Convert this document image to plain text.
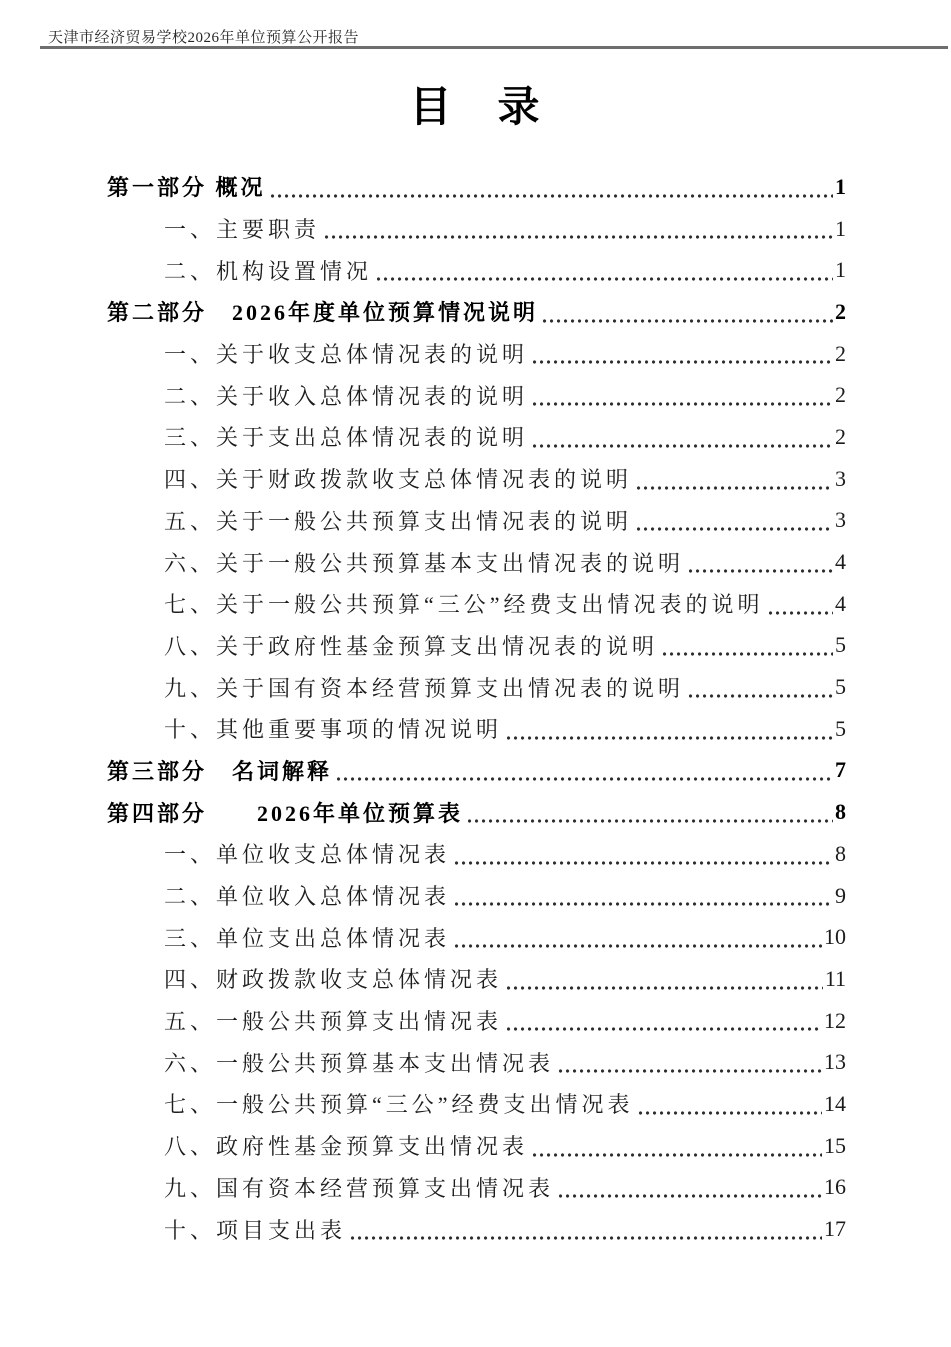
天津市经济贸易学校2026年单位预算公开报告
目　录
第一部分 概况	1
一、主要职责	1
二、机构设置情况	1
第二部分　2026年度单位预算情况说明	2
一、关于收支总体情况表的说明	2
二、关于收入总体情况表的说明	2
三、关于支出总体情况表的说明	2
四、关于财政拨款收支总体情况表的说明	3
五、关于一般公共预算支出情况表的说明	3
六、关于一般公共预算基本支出情况表的说明	4
七、关于一般公共预算“三公”经费支出情况表的说明	4
八、关于政府性基金预算支出情况表的说明	5
九、关于国有资本经营预算支出情况表的说明	5
十、其他重要事项的情况说明	5
第三部分　名词解释	7
第四部分　　2026年单位预算表	8
一、单位收支总体情况表	8
二、单位收入总体情况表	9
三、单位支出总体情况表	10
四、财政拨款收支总体情况表	11
五、一般公共预算支出情况表	12
六、一般公共预算基本支出情况表	13
七、一般公共预算“三公”经费支出情况表	14
八、政府性基金预算支出情况表	15
九、国有资本经营预算支出情况表	16
十、项目支出表	17
